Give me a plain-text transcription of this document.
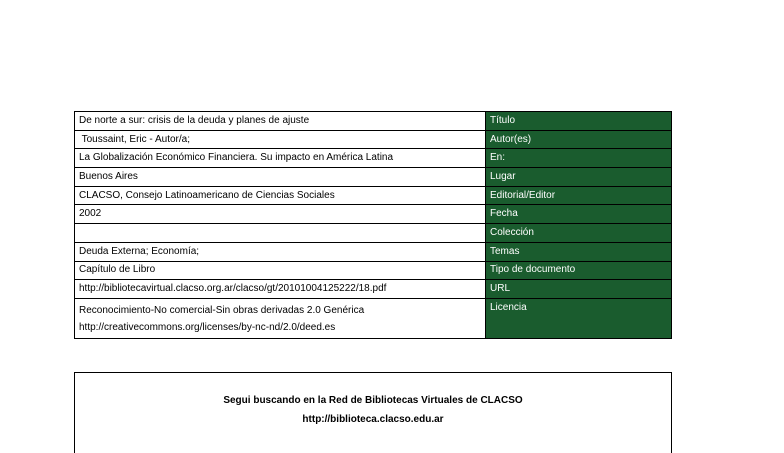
De norte a sur: crisis de la deuda y planes de ajuste	Título
Toussaint, Eric - Autor/a;	Autor(es)
La Globalización Económico Financiera. Su impacto en América Latina	En:
Buenos Aires	Lugar
CLACSO, Consejo Latinoamericano de Ciencias Sociales	Editorial/Editor
2002	Fecha
	Colección
Deuda Externa; Economía;	Temas
Capítulo de Libro	Tipo de documento
http://bibliotecavirtual.clacso.org.ar/clacso/gt/20101004125222/18.pdf	URL

Reconocimiento-No comercial-Sin obras derivadas 2.0 Genérica
http://creativecommons.org/licenses/by-nc-nd/2.0/deed.es	Licencia
Segui buscando en la Red de Bibliotecas Virtuales de CLACSO
http://biblioteca.clacso.edu.ar
